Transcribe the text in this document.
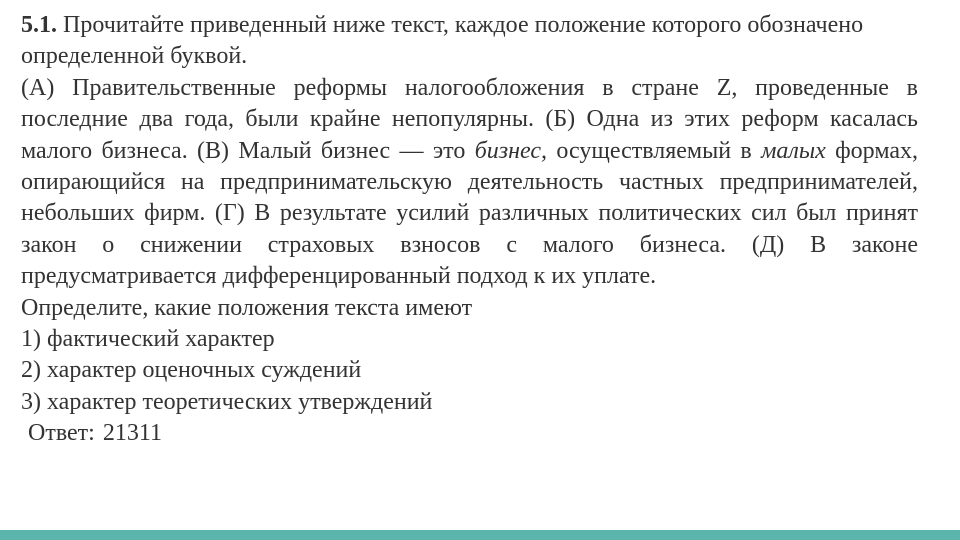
5.1. Прочитайте приведенный ниже текст, каждое положение которого обозначено определенной буквой.

(А) Правительственные реформы налогообложения в стране Z, проведенные в последние два года, были крайне непопулярны. (Б) Одна из этих реформ касалась малого бизнеса. (В) Малый бизнес — это бизнес, осуществляемый в малых формах, опирающийся на предпринимательскую деятельность частных предпринимателей, небольших фирм. (Г) В результате усилий различных политических сил был принят закон о снижении страховых взносов с малого бизнеса. (Д) В законе предусматривается дифференцированный подход к их уплате.

Определите, какие положения текста имеют

1) фактический характер

2) характер оценочных суждений

3) характер теоретических утверждений

Ответ: 21311
